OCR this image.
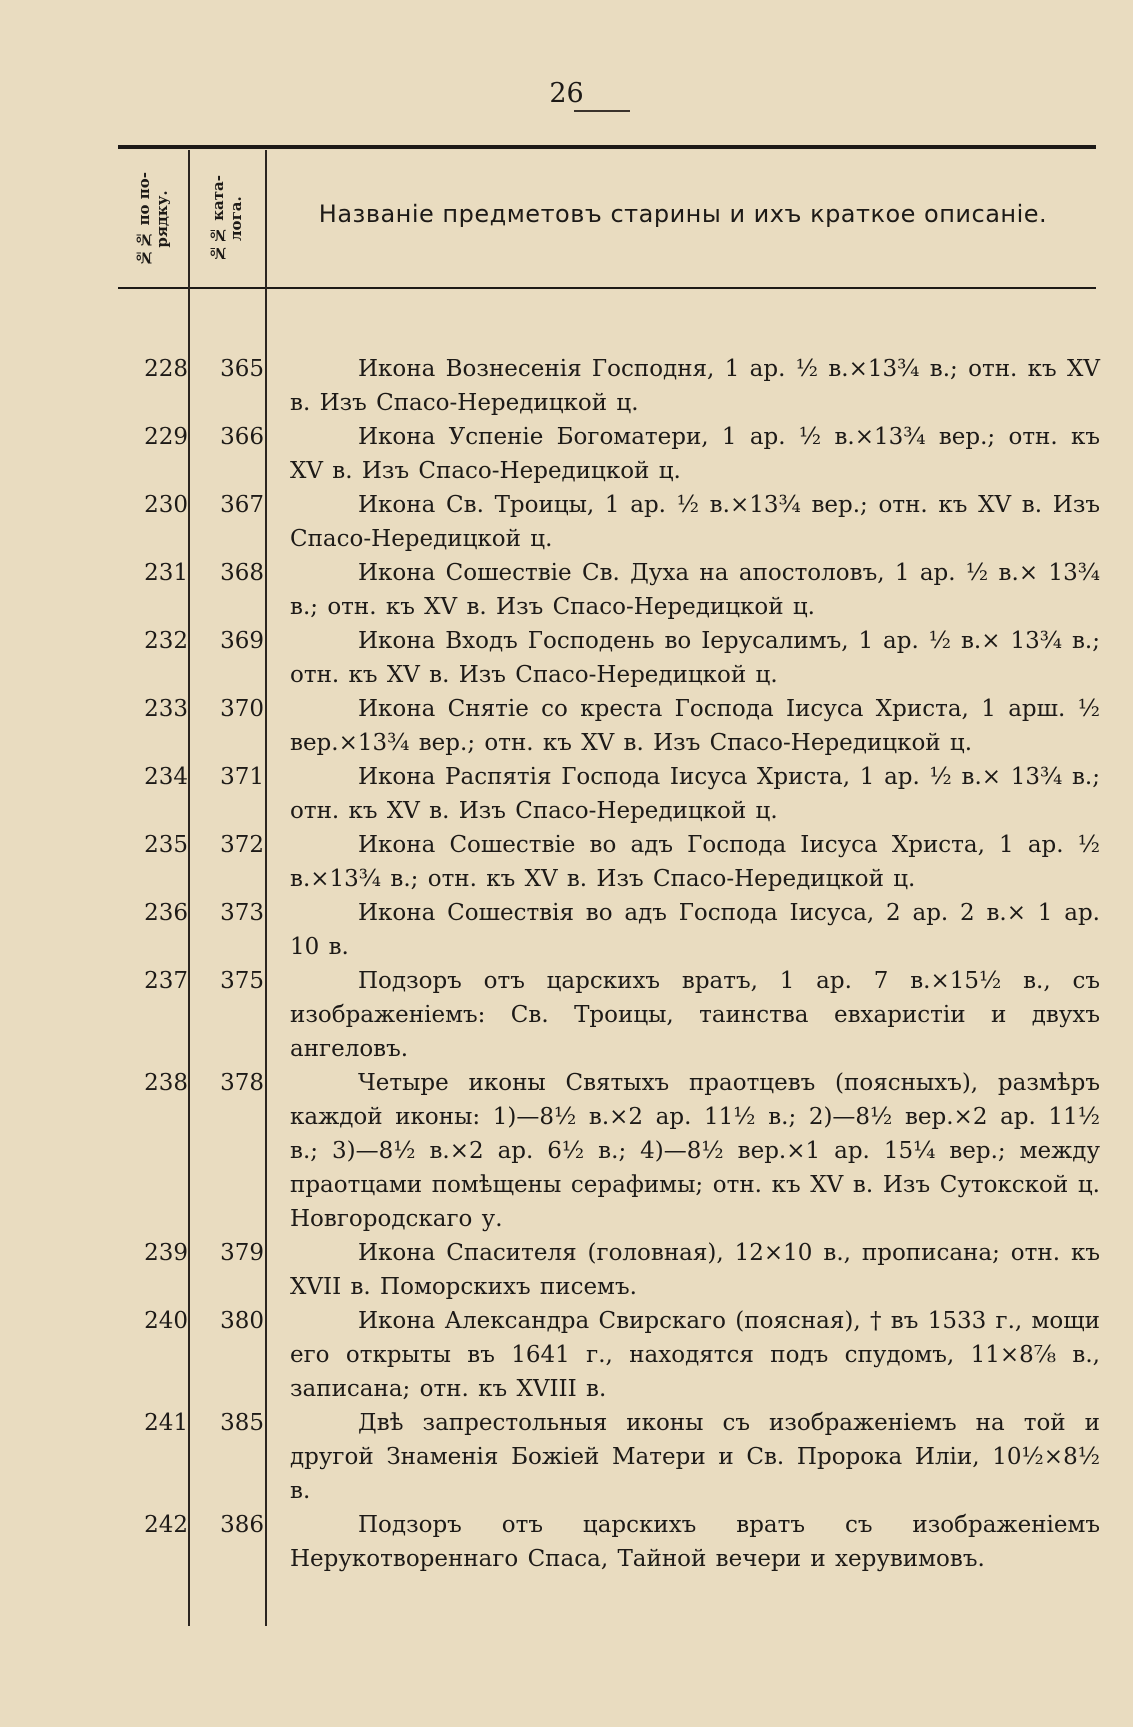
26
№№ по по-
рядку.	№№ ката-
лога.	Названіе предметовъ старины и ихъ краткое описаніе.
228	365	Икона Вознесенія Господня, 1 ар. ½ в.×13¾ в.; отн. къ XV в. Изъ Спасо-Нередицкой ц.
229	366	Икона Успеніе Богоматери, 1 ар. ½ в.×13¾ вер.; отн. къ XV в. Изъ Спасо-Нередицкой ц.
230	367	Икона Св. Троицы, 1 ар. ½ в.×13¾ вер.; отн. къ XV в. Изъ Спасо-Нередицкой ц.
231	368	Икона Сошествіе Св. Духа на апостоловъ, 1 ар. ½ в.× 13¾ в.; отн. къ XV в. Изъ Спасо-Нередицкой ц.
232	369	Икона Входъ Господень во Іерусалимъ, 1 ар. ½ в.× 13¾ в.; отн. къ XV в. Изъ Спасо-Нередицкой ц.
233	370	Икона Снятіе со креста Господа Іисуса Христа, 1 арш. ½ вер.×13¾ вер.; отн. къ XV в. Изъ Спасо-Нередицкой ц.
234	371	Икона Распятія Господа Іисуса Христа, 1 ар. ½ в.× 13¾ в.; отн. къ XV в. Изъ Спасо-Нередицкой ц.
235	372	Икона Сошествіе во адъ Господа Іисуса Христа, 1 ар. ½ в.×13¾ в.; отн. къ XV в. Изъ Спасо-Нередицкой ц.
236	373	Икона Сошествія во адъ Господа Іисуса, 2 ар. 2 в.× 1 ар. 10 в.
237	375	Подзоръ отъ царскихъ вратъ, 1 ар. 7 в.×15½ в., съ изображеніемъ: Св. Троицы, таинства евхаристіи и двухъ ангеловъ.
238	378	Четыре иконы Святыхъ праотцевъ (поясныхъ), размѣръ каждой иконы: 1)—8½ в.×2 ар. 11½ в.; 2)—8½ вер.×2 ар. 11½ в.; 3)—8½ в.×2 ар. 6½ в.; 4)—8½ вер.×1 ар. 15¼ вер.; между праотцами помѣщены серафимы; отн. къ XV в. Изъ Сутокской ц. Новгородскаго у.
239	379	Икона Спасителя (головная), 12×10 в., прописана; отн. къ XVII в. Поморскихъ писемъ.
240	380	Икона Александра Свирскаго (поясная), † въ 1533 г., мощи его открыты въ 1641 г., находятся подъ спудомъ, 11×8⅞ в., записана; отн. къ XVIII в.
241	385	Двѣ запрестольныя иконы съ изображеніемъ на той и другой Знаменія Божіей Матери и Св. Пророка Иліи, 10½×8½ в.
242	386	Подзоръ отъ царскихъ вратъ съ изображеніемъ Нерукотвореннаго Спаса, Тайной вечери и херувимовъ.
